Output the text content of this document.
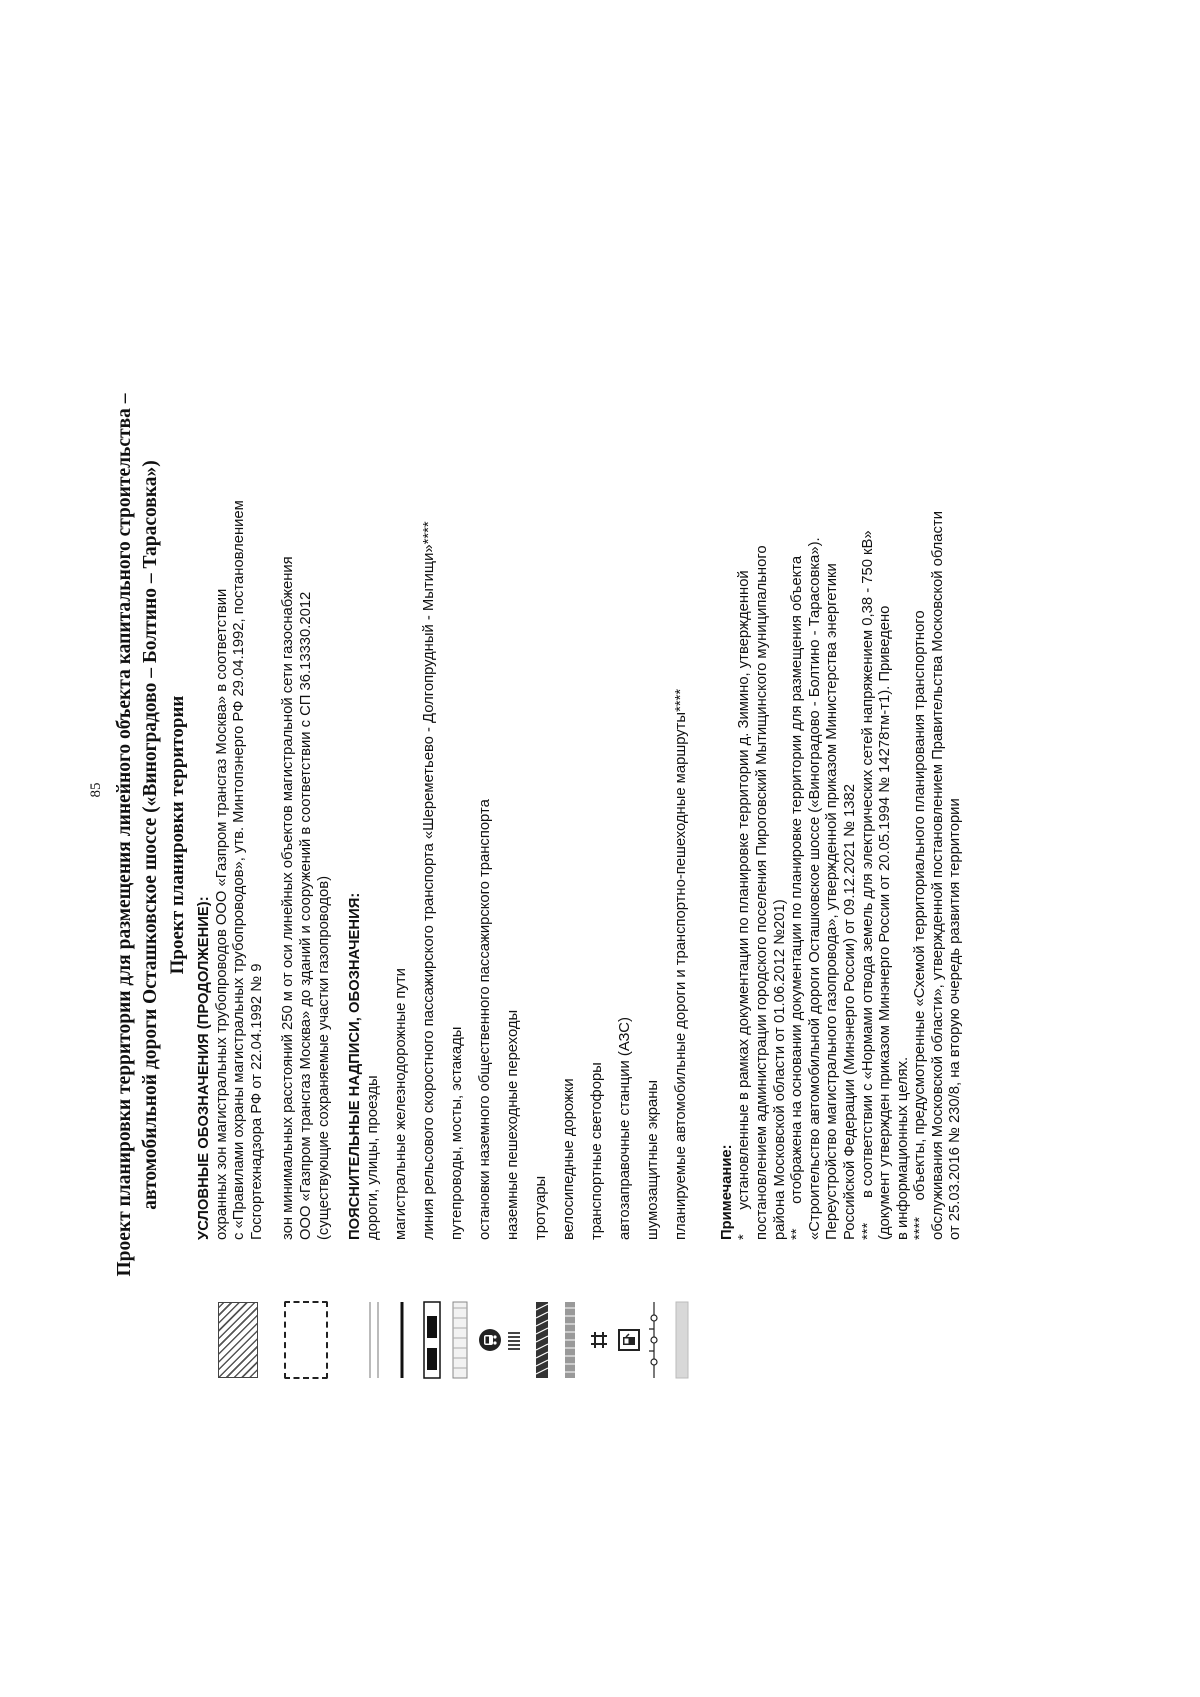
85 Проект планировки территории для размещения линейного объекта капитального строительства – автомобильной дороги Осташковское шоссе («Виноградово – Болтино – Тарасовка») Проект планировки территории

УСЛОВНЫЕ ОБОЗНАЧЕНИЯ (ПРОДОЛЖЕНИЕ): охранных зон магистральных трубопроводов ООО «Газпром трансгаз Москва» в соответствии с «Правилами охраны магистральных трубопроводов», утв. Минтопэнерго РФ 29.04.1992, постановлением Госгортехнадзора РФ от 22.04.1992 № 9 зон минимальных расстояний 250 м от оси линейных объектов магистральной сети газоснабжения ООО «Газпром трансгаз Москва» до зданий и сооружений в соответствии с СП 36.13330.2012 (существующие сохраняемые участки газопроводов) ПОЯСНИТЕЛЬНЫЕ НАДПИСИ, ОБОЗНАЧЕНИЯ: дороги, улицы, проезды магистральные железнодорожные пути линия рельсового скоростного пассажирского транспорта «Шереметьево - Долгопрудный - Мытищи»**** путепроводы, мосты, эстакады остановки наземного общественного пассажирского транспорта наземные пешеходные переходы тротуары велосипедные дорожки транспортные светофоры автозаправочные станции (АЗС) шумозащитные экраны планируемые автомобильные дороги и транспортно-пешеходные маршруты**** Примечание: *      установленные в рамках документации по планировке территории д. Зимино, утвержденной постановлением администрации городского поселения Пироговский Мытищинского муниципального района Московской области от 01.06.2012 №201) **      отображена на основании документации по планировке территории для размещения объекта «Строительство автомобильной дороги Осташковское шоссе («Виноградово - Болтино - Тарасовка»). Переустройство магистрального газопровода», утвержденной приказом Министерства энергетики Российской Федерации (Минэнерго России) от 09.12.2021 № 1382 ***      в соответствии с «Нормами отвода земель для электрических сетей напряжением 0,38 - 750 кВ» (документ утвержден приказом Минэнерго России от 20.05.1994 № 14278тм-т1). Приведено в информационных целях. ****    объекты, предусмотренные «Схемой территориального планирования транспортного обслуживания Московской области», утвержденной постановлением Правительства Московской области от 25.03.2016 № 230/8, на вторую очередь развития территории
